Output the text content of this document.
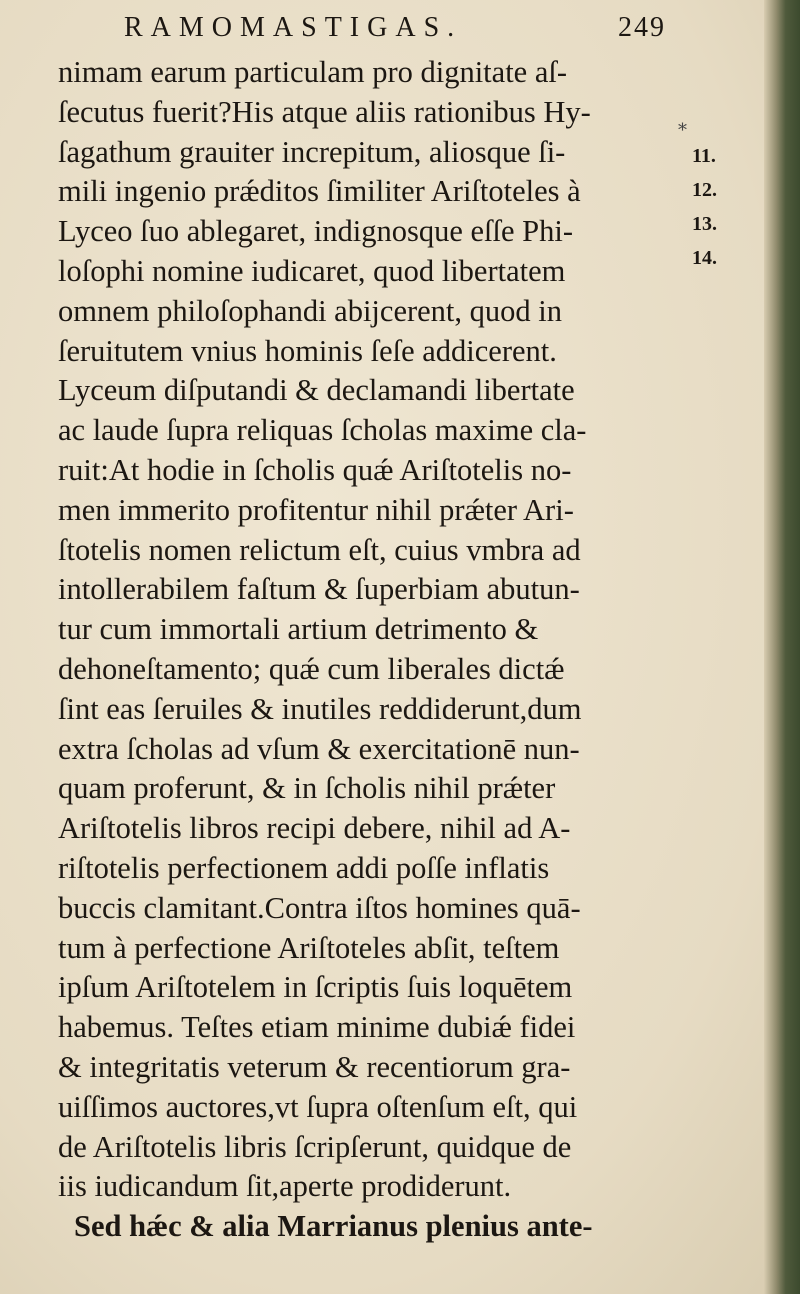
RAMOMASTIGAS.	249
nimam earum particulam pro dignitate aſ-
ſecutus fuerit?His atque aliis rationibus Hy-
ſagathum grauiter increpitum, aliosque ſi-
mili ingenio prǽditos ſimiliter Ariſtoteles à
Lyceo ſuo ablegaret, indignosque eſſe Phi-
loſophi nomine iudicaret, quod libertatem
omnem philoſophandi abijcerent, quod in
ſeruitutem vnius hominis ſeſe addicerent.
Lyceum diſputandi & declamandi libertate
ac laude ſupra reliquas ſcholas maxime cla-
ruit:At hodie in ſcholis quǽ Ariſtotelis no-
men immerito profitentur nihil prǽter Ari-
ſtotelis nomen relictum eſt, cuius vmbra ad
intollerabilem faſtum & ſuperbiam abutun-
tur cum immortali artium detrimento &
dehoneſtamento; quǽ cum liberales dictǽ
ſint eas ſeruiles & inutiles reddiderunt,dum
extra ſcholas ad vſum & exercitationē nun-
quam proferunt, & in ſcholis nihil prǽter
Ariſtotelis libros recipi debere, nihil ad A-
riſtotelis perfectionem addi poſſe inflatis
buccis clamitant.Contra iſtos homines quā-
tum à perfectione Ariſtoteles abſit, teſtem
ipſum Ariſtotelem in ſcriptis ſuis loquētem
habemus. Teſtes etiam minime dubiǽ fidei
& integritatis veterum & recentiorum gra-
uiſſimos auctores,vt ſupra oſtenſum eſt, qui
de Ariſtotelis libris ſcripſerunt, quidque de
iis iudicandum ſit,aperte prodiderunt.
Sed hǽc & alia Marrianus plenius ante-
*
11.
12.
13.
14.
